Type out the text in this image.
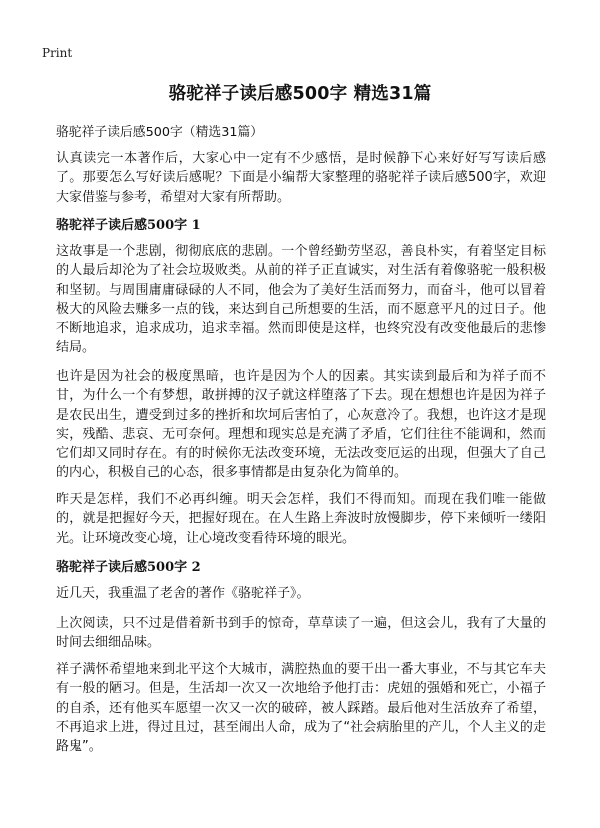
Print
骆驼祥子读后感500字 精选31篇
骆驼祥子读后感500字（精选31篇）

认真读完一本著作后，大家心中一定有不少感悟，是时候静下心来好好写写读后感了。那要怎么写好读后感呢？下面是小编帮大家整理的骆驼祥子读后感500字，欢迎大家借鉴与参考，希望对大家有所帮助。

骆驼祥子读后感500字 1

这故事是一个悲剧，彻彻底底的悲剧。一个曾经勤劳坚忍，善良朴实，有着坚定目标的人最后却沦为了社会垃圾败类。从前的祥子正直诚实，对生活有着像骆驼一般积极和坚韧。与周围庸庸碌碌的人不同，他会为了美好生活而努力，而奋斗，他可以冒着极大的风险去赚多一点的钱，来达到自己所想要的生活，而不愿意平凡的过日子。他不断地追求，追求成功，追求幸福。然而即使是这样，也终究没有改变他最后的悲惨结局。

也许是因为社会的极度黑暗，也许是因为个人的因素。其实读到最后和为祥子而不甘，为什么一个有梦想，敢拼搏的汉子就这样堕落了下去。现在想想也许是因为祥子是农民出生，遭受到过多的挫折和坎坷后害怕了，心灰意冷了。我想，也许这才是现实，残酷、悲哀、无可奈何。理想和现实总是充满了矛盾，它们往往不能调和，然而它们却又同时存在。有的时候你无法改变环境，无法改变厄运的出现，但强大了自己的内心，积极自己的心态，很多事情都是由复杂化为简单的。

昨天是怎样，我们不必再纠缠。明天会怎样，我们不得而知。而现在我们唯一能做的，就是把握好今天，把握好现在。在人生路上奔波时放慢脚步，停下来倾听一缕阳光。让环境改变心境，让心境改变看待环境的眼光。

骆驼祥子读后感500字 2

近几天，我重温了老舍的著作《骆驼祥子》。

上次阅读，只不过是借着新书到手的惊奇，草草读了一遍，但这会儿，我有了大量的时间去细细品味。

祥子满怀希望地来到北平这个大城市，满腔热血的要干出一番大事业，不与其它车夫有一般的陋习。但是，生活却一次又一次地给予他打击：虎妞的强婚和死亡，小福子的自杀，还有他买车愿望一次又一次的破碎，被人踩踏。最后他对生活放弃了希望，不再追求上进，得过且过，甚至闹出人命，成为了“社会病胎里的产儿，个人主义的走路鬼”。
